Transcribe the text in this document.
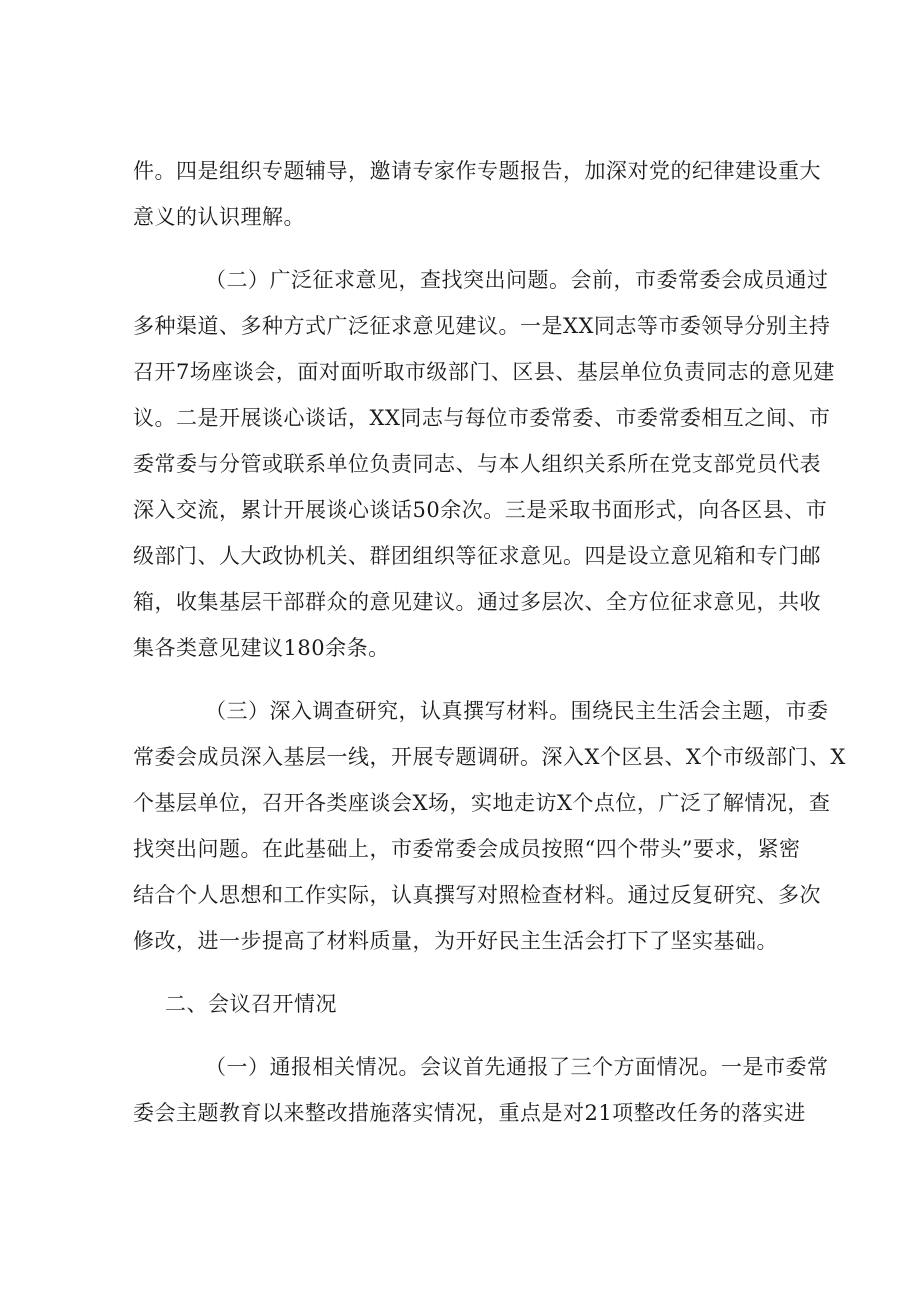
件。四是组织专题辅导，邀请专家作专题报告，加深对党的纪律建设重大
意义的认识理解。
（二）广泛征求意见，查找突出问题。会前，市委常委会成员通过
多种渠道、多种方式广泛征求意见建议。一是XX同志等市委领导分别主持
召开7场座谈会，面对面听取市级部门、区县、基层单位负责同志的意见建
议。二是开展谈心谈话，XX同志与每位市委常委、市委常委相互之间、市
委常委与分管或联系单位负责同志、与本人组织关系所在党支部党员代表
深入交流，累计开展谈心谈话50余次。三是采取书面形式，向各区县、市
级部门、人大政协机关、群团组织等征求意见。四是设立意见箱和专门邮
箱，收集基层干部群众的意见建议。通过多层次、全方位征求意见，共收
集各类意见建议180余条。
（三）深入调查研究，认真撰写材料。围绕民主生活会主题，市委
常委会成员深入基层一线，开展专题调研。深入X个区县、X个市级部门、X
个基层单位，召开各类座谈会X场，实地走访X个点位，广泛了解情况，查
找突出问题。在此基础上，市委常委会成员按照“四个带头”要求，紧密
结合个人思想和工作实际，认真撰写对照检查材料。通过反复研究、多次
修改，进一步提高了材料质量，为开好民主生活会打下了坚实基础。
二、会议召开情况
（一）通报相关情况。会议首先通报了三个方面情况。一是市委常
委会主题教育以来整改措施落实情况，重点是对21项整改任务的落实进
